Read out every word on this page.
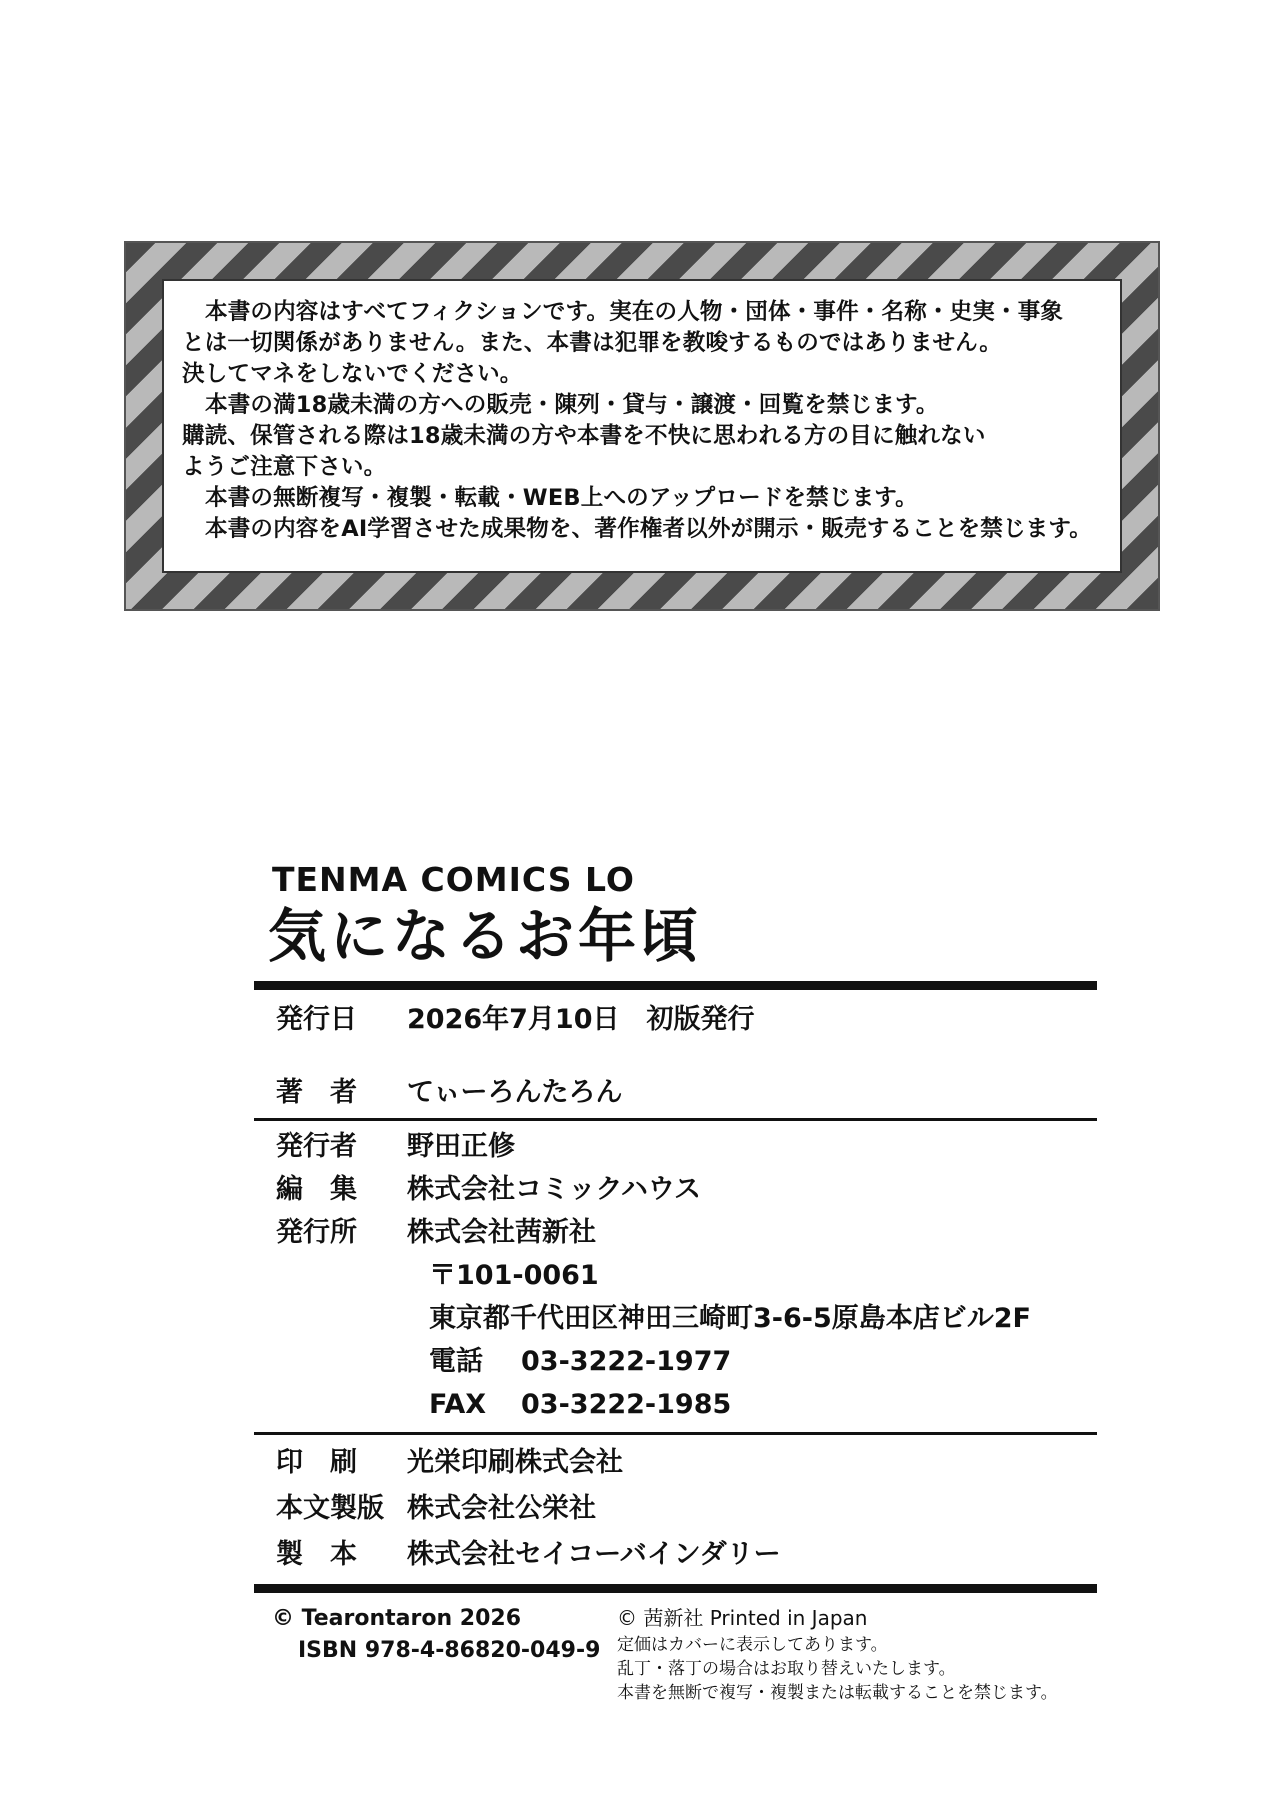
本書の内容はすべてフィクションです。実在の人物・団体・事件・名称・史実・事象
とは一切関係がありません。また、本書は犯罪を教唆するものではありません。
決してマネをしないでください。
本書の満18歳未満の方への販売・陳列・貸与・譲渡・回覧を禁じます。
購読、保管される際は18歳未満の方や本書を不快に思われる方の目に触れない
ようご注意下さい。
本書の無断複写・複製・転載・WEB上へのアップロードを禁じます。
本書の内容をAI学習させた成果物を、著作権者以外が開示・販売することを禁じます。
TENMA COMICS LO
気になるお年頃
発行日	2026年7月10日　初版発行
著　者	てぃーろんたろん
発行者	野田正修
編　集	株式会社コミックハウス
発行所	株式会社茜新社
〒101-0061
東京都千代田区神田三崎町3-6-5原島本店ビル2F
電話 03-3222-1977
FAX 03-3222-1985
印　刷	光栄印刷株式会社
本文製版 株式会社公栄社
製　本	株式会社セイコーバインダリー
© Tearontaron 2026
ISBN 978-4-86820-049-9
© 茜新社 Printed in Japan
定価はカバーに表示してあります。
乱丁・落丁の場合はお取り替えいたします。
本書を無断で複写・複製または転載することを禁じます。
